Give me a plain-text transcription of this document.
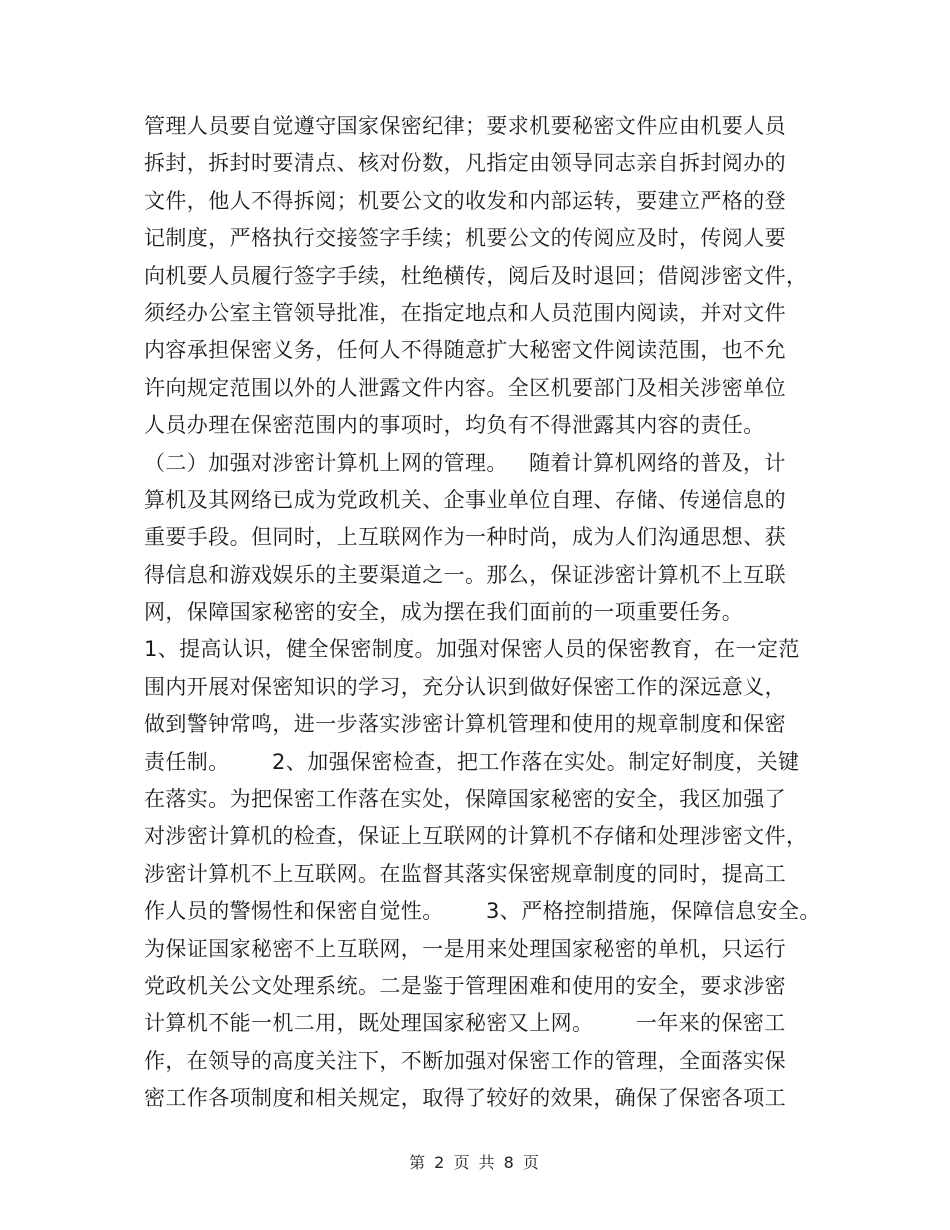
管理人员要自觉遵守国家保密纪律；要求机要秘密文件应由机要人员
拆封，拆封时要清点、核对份数，凡指定由领导同志亲自拆封阅办的
文件，他人不得拆阅；机要公文的收发和内部运转，要建立严格的登
记制度，严格执行交接签字手续；机要公文的传阅应及时，传阅人要
向机要人员履行签字手续，杜绝横传，阅后及时退回；借阅涉密文件，
须经办公室主管领导批准，在指定地点和人员范围内阅读，并对文件
内容承担保密义务，任何人不得随意扩大秘密文件阅读范围，也不允
许向规定范围以外的人泄露文件内容。全区机要部门及相关涉密单位
人员办理在保密范围内的事项时，均负有不得泄露其内容的责任。
（二）加强对涉密计算机上网的管理。   随着计算机网络的普及，计
算机及其网络已成为党政机关、企事业单位自理、存储、传递信息的
重要手段。但同时，上互联网作为一种时尚，成为人们沟通思想、获
得信息和游戏娱乐的主要渠道之一。那么，保证涉密计算机不上互联
网，保障国家秘密的安全，成为摆在我们面前的一项重要任务。
1、提高认识，健全保密制度。加强对保密人员的保密教育，在一定范
围内开展对保密知识的学习，充分认识到做好保密工作的深远意义，
做到警钟常鸣，进一步落实涉密计算机管理和使用的规章制度和保密
责任制。      2、加强保密检查，把工作落在实处。制定好制度，关键
在落实。为把保密工作落在实处，保障国家秘密的安全，我区加强了
对涉密计算机的检查，保证上互联网的计算机不存储和处理涉密文件，
涉密计算机不上互联网。在监督其落实保密规章制度的同时，提高工
作人员的警惕性和保密自觉性。      3、严格控制措施，保障信息安全。
为保证国家秘密不上互联网，一是用来处理国家秘密的单机，只运行
党政机关公文处理系统。二是鉴于管理困难和使用的安全，要求涉密
计算机不能一机二用，既处理国家秘密又上网。      一年来的保密工
作，在领导的高度关注下，不断加强对保密工作的管理，全面落实保
密工作各项制度和相关规定，取得了较好的效果，确保了保密各项工
第 2 页 共 8 页
